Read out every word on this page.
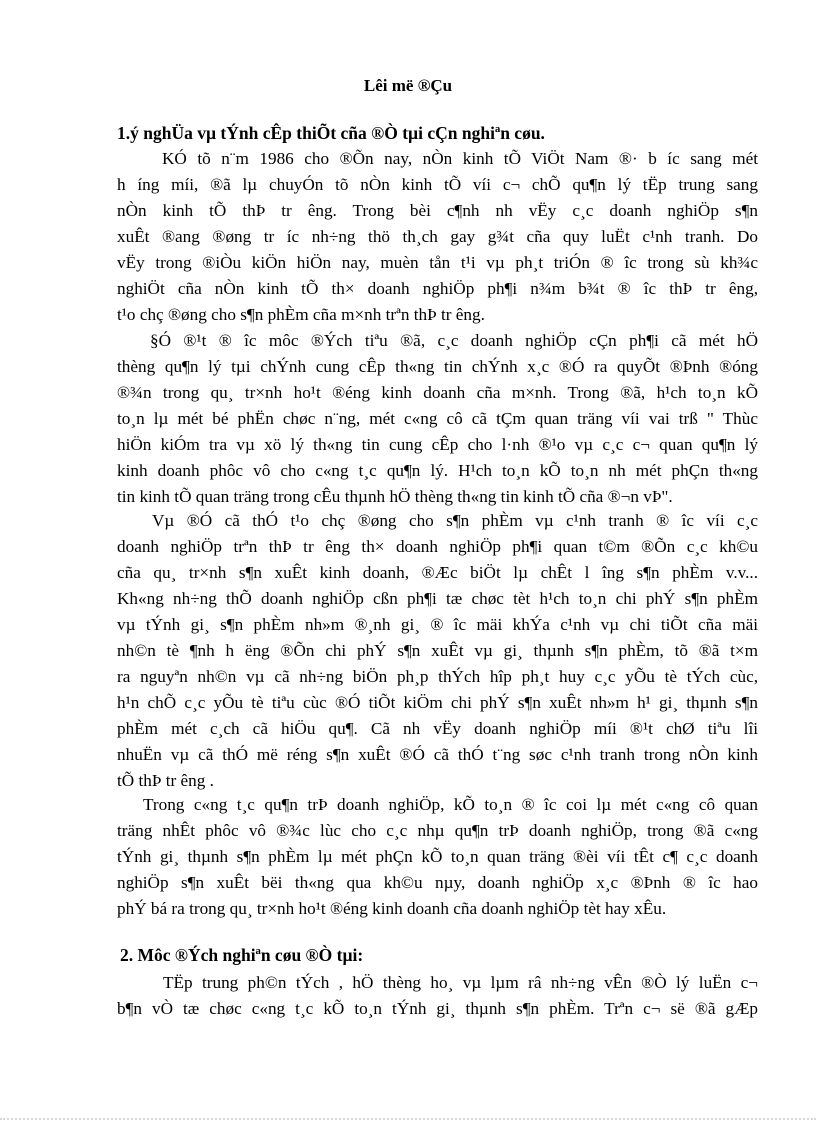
Lêi më ®Çu
1.ý nghÜa vµ tÝnh cÊp thiÕt cña ®Ò tµi cÇn nghiªn cøu.
KÓ tõ n¨m 1986 cho ®Õn nay, nÒn kinh tÕ ViÖt Nam ®· b íc sang mét
h íng míi, ®ã lµ chuyÓn tõ nÒn kinh tÕ víi c¬ chÕ qu¶n lý tËp trung sang
nÒn kinh tÕ thÞ tr êng. Trong bèi c¶nh nh vËy c¸c doanh nghiÖp s¶n
xuÊt ®ang ®øng tr íc nh÷ng thö th¸ch gay g¾t cña quy luËt c¹nh tranh. Do
vËy trong ®iÒu kiÖn hiÖn nay, muèn tån t¹i vµ ph¸t triÓn ® îc trong sù kh¾c
nghiÖt cña nÒn kinh tÕ th× doanh nghiÖp ph¶i n¾m b¾t ® îc thÞ tr êng,
t¹o chç ®øng cho s¶n phÈm cña m×nh trªn thÞ tr êng.
§Ó ®¹t ® îc môc ®Ých tiªu ®ã, c¸c doanh nghiÖp cÇn ph¶i cã mét hÖ
thèng qu¶n lý tµi chÝnh cung cÊp th«ng tin chÝnh x¸c ®Ó ra quyÕt ®Þnh ®óng
®¾n trong qu¸ tr×nh ho¹t ®éng kinh doanh cña m×nh. Trong ®ã, h¹ch to¸n kÕ
to¸n lµ mét bé phËn chøc n¨ng, mét c«ng cô cã tÇm quan träng víi vai trß " Thùc
hiÖn kiÓm tra vµ xö lý th«ng tin cung cÊp cho l·nh ®¹o vµ c¸c c¬ quan qu¶n lý
kinh doanh phôc vô cho c«ng t¸c qu¶n lý. H¹ch to¸n kÕ to¸n nh mét phÇn th«ng
tin kinh tÕ quan träng trong cÊu thµnh hÖ thèng th«ng tin kinh tÕ cña ®¬n vÞ".
Vµ ®Ó cã thÓ t¹o chç ®øng cho s¶n phÈm vµ c¹nh tranh ® îc víi c¸c
doanh nghiÖp trªn thÞ tr êng th× doanh nghiÖp ph¶i quan t©m ®Õn c¸c kh©u
cña qu¸ tr×nh s¶n xuÊt kinh doanh, ®Æc biÖt lµ chÊt l îng s¶n phÈm v.v...
Kh«ng nh÷ng thÕ doanh nghiÖp cßn ph¶i tæ chøc tèt h¹ch to¸n chi phÝ s¶n phÈm
vµ tÝnh gi¸ s¶n phÈm nh»m ®¸nh gi¸ ® îc mäi khÝa c¹nh vµ chi tiÕt cña mäi
nh©n tè ¶nh h ëng ®Õn chi phÝ s¶n xuÊt vµ gi¸ thµnh s¶n phÈm, tõ ®ã t×m
ra nguyªn nh©n vµ cã nh÷ng biÖn ph¸p thÝch hîp ph¸t huy c¸c yÕu tè tÝch cùc,
h¹n chÕ c¸c yÕu tè tiªu cùc ®Ó tiÕt kiÖm chi phÝ s¶n xuÊt nh»m h¹ gi¸ thµnh s¶n
phÈm mét c¸ch cã hiÖu qu¶. Cã nh vËy doanh nghiÖp míi ®¹t chØ tiªu lîi
nhuËn vµ cã thÓ më réng s¶n xuÊt ®Ó cã thÓ t¨ng søc c¹nh tranh trong nÒn kinh
tÕ thÞ tr êng .
Trong c«ng t¸c qu¶n trÞ doanh nghiÖp, kÕ to¸n ® îc coi lµ mét c«ng cô quan
träng nhÊt phôc vô ®¾c lùc cho c¸c nhµ qu¶n trÞ doanh nghiÖp, trong ®ã c«ng
tÝnh gi¸ thµnh s¶n phÈm lµ mét phÇn kÕ to¸n quan träng ®èi víi tÊt c¶ c¸c doanh
nghiÖp s¶n xuÊt bëi th«ng qua kh©u nµy, doanh nghiÖp x¸c ®Þnh ® îc hao
phÝ bá ra trong qu¸ tr×nh ho¹t ®éng kinh doanh cña doanh nghiÖp tèt hay xÊu.
2. Môc ®Ých nghiªn cøu ®Ò tµi:
TËp trung ph©n tÝch , hÖ thèng ho¸ vµ lµm râ nh÷ng vÊn ®Ò lý luËn c¬
b¶n vÒ tæ chøc c«ng t¸c kÕ to¸n tÝnh gi¸ thµnh s¶n phÈm. Trªn c¬ së ®ã gÆp
